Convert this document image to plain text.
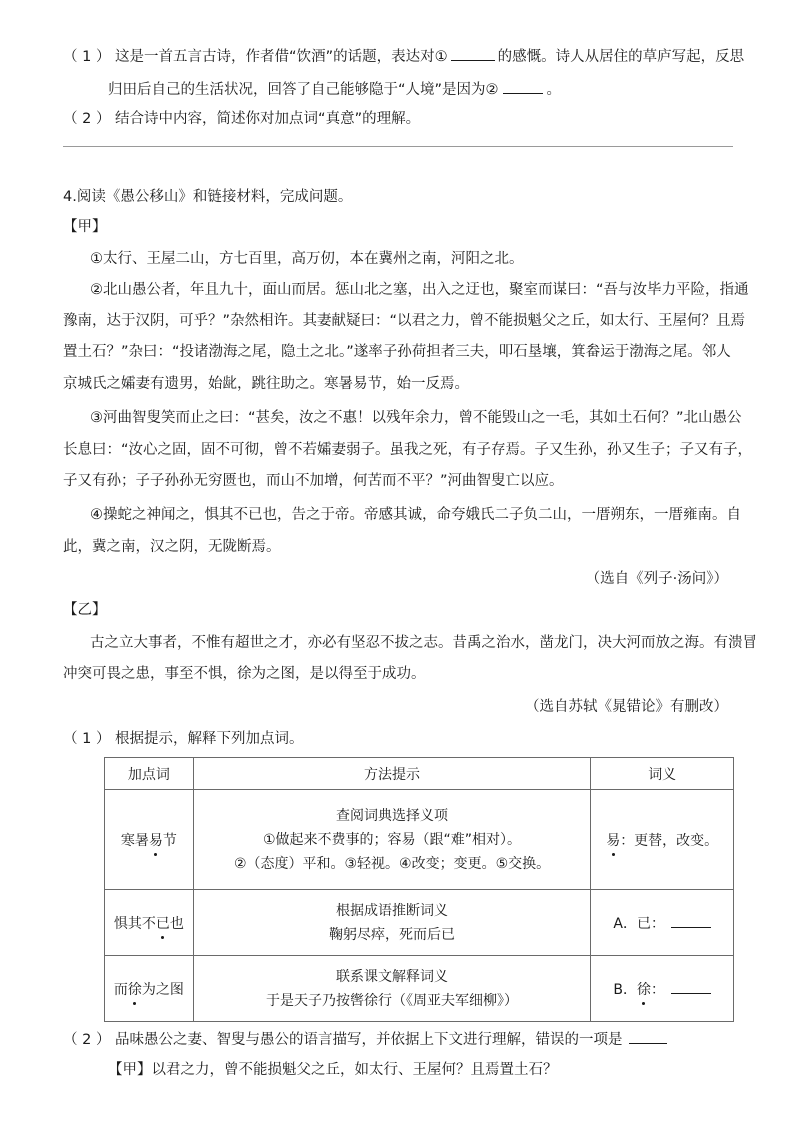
（ 1 ） 这是一首五言古诗，作者借“饮酒”的话题，表达对①	的感慨。诗人从居住的草庐写起，反思
归田后自己的生活状况，回答了自己能够隐于“人境”是因为②	。
（ 2 ） 结合诗中内容，简述你对加点词“真意”的理解。
4.阅读《愚公移山》和链接材料，完成问题。
【甲】
①太行、王屋二山，方七百里，高万仞，本在冀州之南，河阳之北。
②北山愚公者，年且九十，面山而居。惩山北之塞，出入之迂也，聚室而谋曰：“吾与汝毕力平险，指通
豫南，达于汉阴，可乎？”杂然相许。其妻献疑曰：“以君之力，曾不能损魁父之丘，如太行、王屋何？且焉
置土石？”杂曰：“投诸渤海之尾，隐土之北。”遂率子孙荷担者三夫，叩石垦壤，箕畚运于渤海之尾。邻人
京城氏之孀妻有遗男，始龀，跳往助之。寒暑易节，始一反焉。
③河曲智叟笑而止之曰：“甚矣，汝之不惠！以残年余力，曾不能毁山之一毛，其如土石何？”北山愚公
长息曰：“汝心之固，固不可彻，曾不若孀妻弱子。虽我之死，有子存焉。子又生孙，孙又生子；子又有子，
子又有孙；子子孙孙无穷匮也，而山不加增，何苦而不平？”河曲智叟亡以应。
④操蛇之神闻之，惧其不已也，告之于帝。帝感其诚，命夸娥氏二子负二山，一厝朔东，一厝雍南。自
此，冀之南，汉之阴，无陇断焉。
（选自《列子·汤问》）
【乙】
古之立大事者，不惟有超世之才，亦必有坚忍不拔之志。昔禹之治水，凿龙门，决大河而放之海。有溃冒
冲突可畏之患，事至不惧，徐为之图，是以得至于成功。
（选自苏轼《晁错论》有删改）
（ 1 ） 根据提示，解释下列加点词。
加点词	方法提示	词义
寒暑易节	查阅词典选择义项
①做起来不费事的；容易（跟“难”相对）。
②（态度）平和。③轻视。④改变；变更。⑤交换。	易：更替，改变。
惧其不已也	根据成语推断词义
鞠躬尽瘁，死而后已	A．已：
而徐为之图	联系课文解释词义
于是天子乃按辔徐行（《周亚夫军细柳》）	B．徐：
（ 2 ） 品味愚公之妻、智叟与愚公的语言描写，并依据上下文进行理解，错误的一项是
【甲】以君之力，曾不能损魁父之丘，如太行、王屋何？且焉置土石？
